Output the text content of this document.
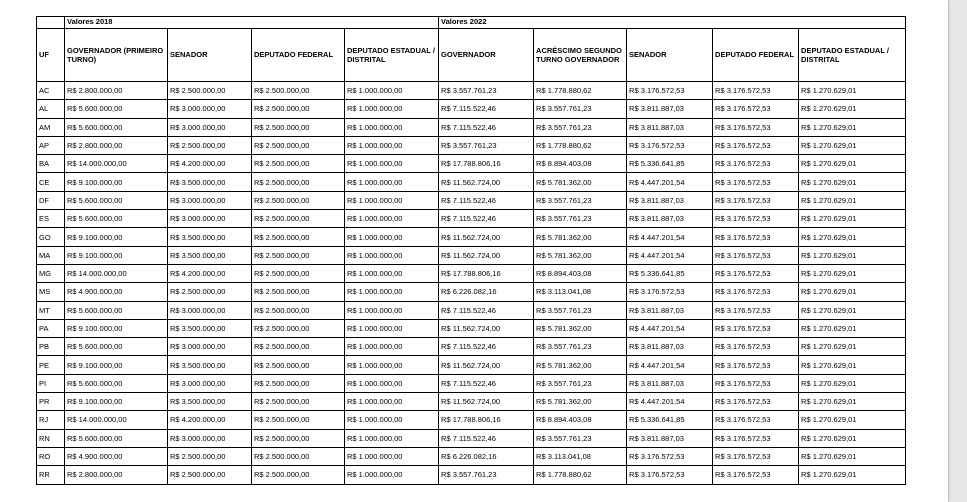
	Valores 2018				Valores 2022				
UF	GOVERNADOR (PRIMEIRO TURNO)	SENADOR	DEPUTADO FEDERAL	DEPUTADO ESTADUAL / DISTRITAL	GOVERNADOR	ACRÉSCIMO SEGUNDO TURNO GOVERNADOR	SENADOR	DEPUTADO FEDERAL	DEPUTADO ESTADUAL / DISTRITAL
AC	R$ 2.800.000,00	R$ 2.500.000,00	R$ 2.500.000,00	R$ 1.000.000,00	R$ 3.557.761,23	R$ 1.778.880,62	R$ 3.176.572,53	R$ 3.176.572,53	R$ 1.270.629,01
AL	R$ 5.600.000,00	R$ 3.000.000,00	R$ 2.500.000,00	R$ 1.000.000,00	R$ 7.115.522,46	R$ 3.557.761,23	R$ 3.811.887,03	R$ 3.176.572,53	R$ 1.270.629,01
AM	R$ 5.600.000,00	R$ 3.000.000,00	R$ 2.500.000,00	R$ 1.000.000,00	R$ 7.115.522,46	R$ 3.557.761,23	R$ 3.811.887,03	R$ 3.176.572,53	R$ 1.270.629,01
AP	R$ 2.800.000,00	R$ 2.500.000,00	R$ 2.500.000,00	R$ 1.000.000,00	R$ 3.557.761,23	R$ 1.778.880,62	R$ 3.176.572,53	R$ 3.176.572,53	R$ 1.270.629,01
BA	R$ 14.000.000,00	R$ 4.200.000,00	R$ 2.500.000,00	R$ 1.000.000,00	R$ 17.788.806,16	R$ 8.894.403,08	R$ 5.336.641,85	R$ 3.176.572,53	R$ 1.270.629,01
CE	R$ 9.100.000,00	R$ 3.500.000,00	R$ 2.500.000,00	R$ 1.000.000,00	R$ 11.562.724,00	R$ 5.781.362,00	R$ 4.447.201,54	R$ 3.176.572,53	R$ 1.270.629,01
DF	R$ 5.600.000,00	R$ 3.000.000,00	R$ 2.500.000,00	R$ 1.000.000,00	R$ 7.115.522,46	R$ 3.557.761,23	R$ 3.811.887,03	R$ 3.176.572,53	R$ 1.270.629,01
ES	R$ 5.600.000,00	R$ 3.000.000,00	R$ 2.500.000,00	R$ 1.000.000,00	R$ 7.115.522,46	R$ 3.557.761,23	R$ 3.811.887,03	R$ 3.176.572,53	R$ 1.270.629,01
GO	R$ 9.100.000,00	R$ 3.500.000,00	R$ 2.500.000,00	R$ 1.000.000,00	R$ 11.562.724,00	R$ 5.781.362,00	R$ 4.447.201,54	R$ 3.176.572,53	R$ 1.270.629,01
MA	R$ 9.100.000,00	R$ 3.500.000,00	R$ 2.500.000,00	R$ 1.000.000,00	R$ 11.562.724,00	R$ 5.781.362,00	R$ 4.447.201,54	R$ 3.176.572,53	R$ 1.270.629,01
MG	R$ 14.000.000,00	R$ 4.200.000,00	R$ 2.500.000,00	R$ 1.000.000,00	R$ 17.788.806,16	R$ 8.894.403,08	R$ 5.336.641,85	R$ 3.176.572,53	R$ 1.270.629,01
MS	R$ 4.900.000,00	R$ 2.500.000,00	R$ 2.500.000,00	R$ 1.000.000,00	R$ 6.226.082,16	R$ 3.113.041,08	R$ 3.176.572,53	R$ 3.176.572,53	R$ 1.270.629,01
MT	R$ 5.600.000,00	R$ 3.000.000,00	R$ 2.500.000,00	R$ 1.000.000,00	R$ 7.115.522,46	R$ 3.557.761,23	R$ 3.811.887,03	R$ 3.176.572,53	R$ 1.270.629,01
PA	R$ 9.100.000,00	R$ 3.500.000,00	R$ 2.500.000,00	R$ 1.000.000,00	R$ 11.562.724,00	R$ 5.781.362,00	R$ 4.447.201,54	R$ 3.176.572,53	R$ 1.270.629,01
PB	R$ 5.600.000,00	R$ 3.000.000,00	R$ 2.500.000,00	R$ 1.000.000,00	R$ 7.115.522,46	R$ 3.557.761,23	R$ 3.811.887,03	R$ 3.176.572,53	R$ 1.270.629,01
PE	R$ 9.100.000,00	R$ 3.500.000,00	R$ 2.500.000,00	R$ 1.000.000,00	R$ 11.562.724,00	R$ 5.781.362,00	R$ 4.447.201,54	R$ 3.176.572,53	R$ 1.270.629,01
PI	R$ 5.600.000,00	R$ 3.000.000,00	R$ 2.500.000,00	R$ 1.000.000,00	R$ 7.115.522,46	R$ 3.557.761,23	R$ 3.811.887,03	R$ 3.176.572,53	R$ 1.270.629,01
PR	R$ 9.100.000,00	R$ 3.500.000,00	R$ 2.500.000,00	R$ 1.000.000,00	R$ 11.562.724,00	R$ 5.781.362,00	R$ 4.447.201,54	R$ 3.176.572,53	R$ 1.270.629,01
RJ	R$ 14.000.000,00	R$ 4.200.000,00	R$ 2.500.000,00	R$ 1.000.000,00	R$ 17.788.806,16	R$ 8.894.403,08	R$ 5.336.641,85	R$ 3.176.572,53	R$ 1.270.629,01
RN	R$ 5.600.000,00	R$ 3.000.000,00	R$ 2.500.000,00	R$ 1.000.000,00	R$ 7.115.522,46	R$ 3.557.761,23	R$ 3.811.887,03	R$ 3.176.572,53	R$ 1.270.629,01
RO	R$ 4.900.000,00	R$ 2.500.000,00	R$ 2.500.000,00	R$ 1.000.000,00	R$ 6.226.082,16	R$ 3.113.041,08	R$ 3.176.572,53	R$ 3.176.572,53	R$ 1.270.629,01
RR	R$ 2.800.000,00	R$ 2.500.000,00	R$ 2.500.000,00	R$ 1.000.000,00	R$ 3.557.761,23	R$ 1.778.880,62	R$ 3.176.572,53	R$ 3.176.572,53	R$ 1.270.629,01
